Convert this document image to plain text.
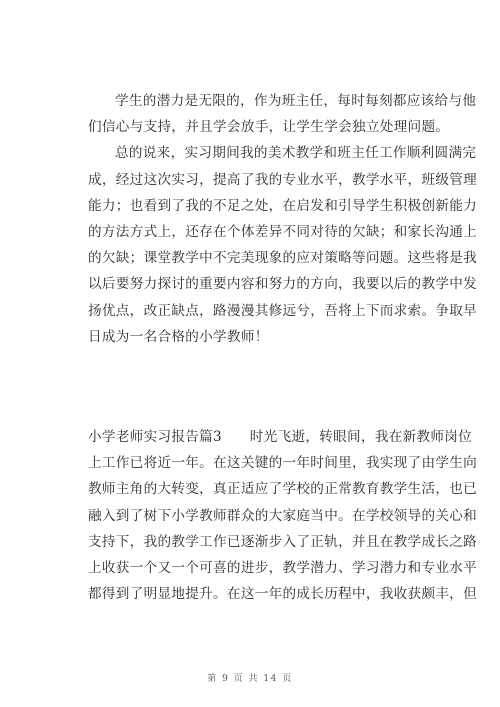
学生的潜力是无限的，作为班主任，每时每刻都应该给与他
们信心与支持，并且学会放手，让学生学会独立处理问题。
总的说来，实习期间我的美术教学和班主任工作顺利圆满完
成，经过这次实习，提高了我的专业水平，教学水平，班级管理
能力；也看到了我的不足之处，在启发和引导学生积极创新能力
的方法方式上，还存在个体差异不同对待的欠缺；和家长沟通上
的欠缺；课堂教学中不完美现象的应对策略等问题。这些将是我
以后要努力探讨的重要内容和努力的方向，我要以后的教学中发
扬优点，改正缺点，路漫漫其修远兮，吾将上下而求索。争取早
日成为一名合格的小学教师！
小学老师实习报告篇3　　时光飞逝，转眼间，我在新教师岗位
上工作已将近一年。在这关键的一年时间里，我实现了由学生向
教师主角的大转变，真正适应了学校的正常教育教学生活，也已
融入到了树下小学教师群众的大家庭当中。在学校领导的关心和
支持下，我的教学工作已逐渐步入了正轨，并且在教学成长之路
上收获一个又一个可喜的进步，教学潜力、学习潜力和专业水平
都得到了明显地提升。在这一年的成长历程中，我收获颇丰，但
第 9 页 共 14 页
